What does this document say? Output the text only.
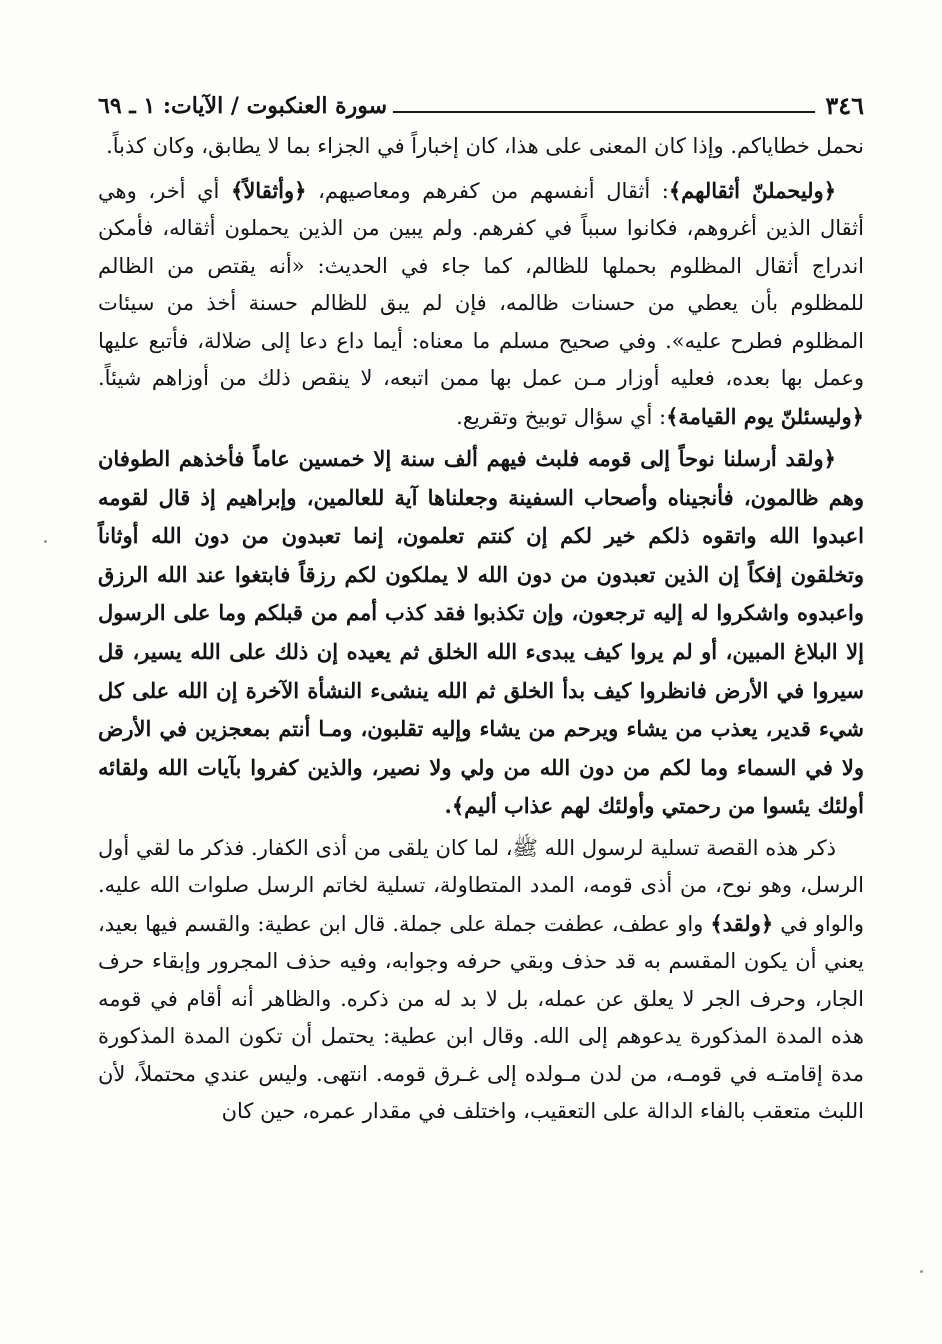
٣٤٦
سورة العنكبوت / الآيات: ١ ـ ٦٩

نحمل خطاياكم. وإذا كان المعنى على هذا، كان إخباراً في الجزاء بما لا يطابق، وكان كذباً.

﴿وليحملنّ أثقالهم﴾: أثقال أنفسهم من كفرهم ومعاصيهم، ﴿وأثقالاً﴾ أي أخر، وهي أثقال الذين أغروهم، فكانوا سبباً في كفرهم. ولم يبين من الذين يحملون أثقاله، فأمكن اندراج أثقال المظلوم بحملها للظالم، كما جاء في الحديث: «أنه يقتص من الظالم للمظلوم بأن يعطي من حسنات ظالمه، فإن لم يبق للظالم حسنة أخذ من سيئات المظلوم فطرح عليه». وفي صحيح مسلم ما معناه: أيما داع دعا إلى ضلالة، فأتبع عليها وعمل بها بعده، فعليه أوزار مـن عمل بها ممن اتبعه، لا ينقص ذلك من أوزاهم شيئاً. ﴿وليسئلنّ يوم القيامة﴾: أي سؤال توبيخ وتقريع.

﴿ولقد أرسلنا نوحاً إلى قومه فلبث فيهم ألف سنة إلا خمسين عاماً فأخذهم الطوفان وهم ظالمون، فأنجيناه وأصحاب السفينة وجعلناها آية للعالمين، وإبراهيم إذ قال لقومه اعبدوا الله واتقوه ذلكم خير لكم إن كنتم تعلمون، إنما تعبدون من دون الله أوثاناً وتخلقون إفكاً إن الذين تعبدون من دون الله لا يملكون لكم رزقاً فابتغوا عند الله الرزق واعبدوه واشكروا له إليه ترجعون، وإن تكذبوا فقد كذب أمم من قبلكم وما على الرسول إلا البلاغ المبين، أو لم يروا كيف يبدىء الله الخلق ثم يعيده إن ذلك على الله يسير، قل سيروا في الأرض فانظروا كيف بدأ الخلق ثم الله ينشىء النشأة الآخرة إن الله على كل شيء قدير، يعذب من يشاء ويرحم من يشاء وإليه تقلبون، ومـا أنتم بمعجزين في الأرض ولا في السماء وما لكم من دون الله من ولي ولا نصير، والذين كفروا بآيات الله ولقائه أولئك يئسوا من رحمتي وأولئك لهم عذاب أليم﴾.

ذكر هذه القصة تسلية لرسول الله ﷺ، لما كان يلقى من أذى الكفار. فذكر ما لقي أول الرسل، وهو نوح، من أذى قومه، المدد المتطاولة، تسلية لخاتم الرسل صلوات الله عليه. والواو في ﴿ولقد﴾ واو عطف، عطفت جملة على جملة. قال ابن عطية: والقسم فيها بعيد، يعني أن يكون المقسم به قد حذف وبقي حرفه وجوابه، وفيه حذف المجرور وإبقاء حرف الجار، وحرف الجر لا يعلق عن عمله، بل لا بد له من ذكره. والظاهر أنه أقام في قومه هذه المدة المذكورة يدعوهم إلى الله. وقال ابن عطية: يحتمل أن تكون المدة المذكورة مدة إقامتـه في قومـه، من لدن مـولده إلى غـرق قومه. انتهى. وليس عندي محتملاً، لأن اللبث متعقب بالفاء الدالة على التعقيب، واختلف في مقدار عمره، حين كان
